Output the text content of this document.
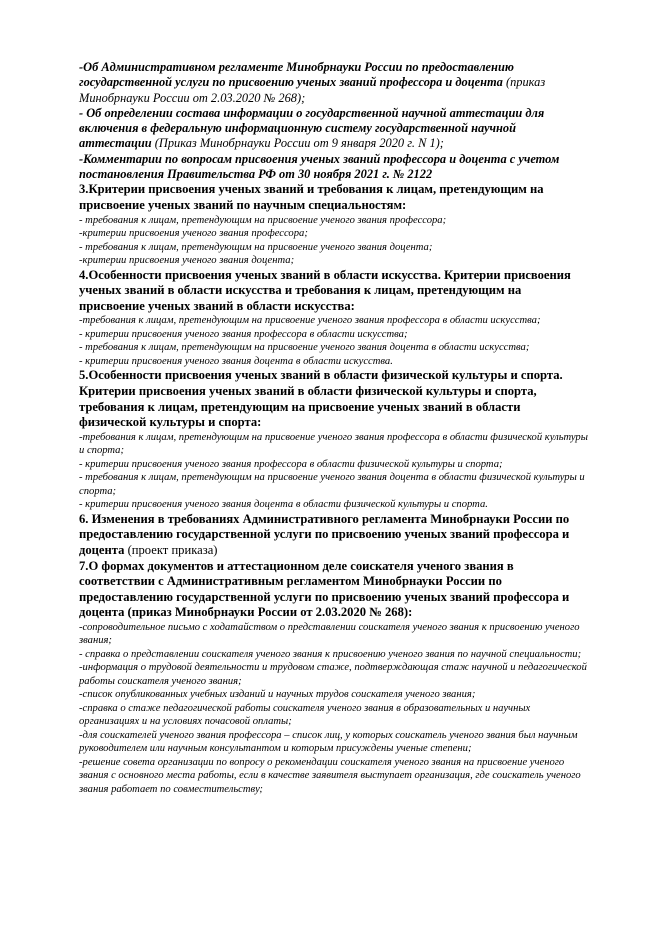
-Об Административном регламенте Минобрнауки России по предоставлению государственной услуги по присвоению ученых званий профессора и доцента (приказ Минобрнауки России от 2.03.2020 № 268);
- Об определении состава информации о государственной научной аттестации для включения в федеральную информационную систему государственной научной аттестации (Приказ Минобрнауки России от 9 января 2020 г. N 1);
-Комментарии по вопросам присвоения ученых званий профессора и доцента с учетом постановления Правительства РФ от 30 ноября 2021 г. № 2122
3.Критерии присвоения ученых званий и требования к лицам, претендующим на присвоение ученых званий по научным специальностям:
- требования к лицам, претендующим на присвоение ученого звания профессора;
-критерии присвоения ученого звания профессора;
- требования к лицам, претендующим на присвоение ученого звания доцента;
-критерии присвоения ученого звания доцента;
4.Особенности присвоения ученых званий в области искусства. Критерии присвоения ученых званий в области искусства и требования к лицам, претендующим на присвоение ученых званий в области искусства:
-требования к лицам, претендующим на присвоение ученого звания профессора в области искусства;
- критерии присвоения ученого звания профессора в области искусства;
- требования к лицам, претендующим на присвоение ученого звания доцента в области искусства;
- критерии присвоения ученого звания доцента в области искусства.
5.Особенности присвоения ученых званий в области физической культуры и спорта. Критерии присвоения ученых званий в области физической культуры и спорта, требования к лицам, претендующим на присвоение ученых званий в области физической культуры и спорта:
-требования к лицам, претендующим на присвоение ученого звания профессора в области физической культуры и спорта;
- критерии присвоения ученого звания профессора в области физической культуры и спорта;
- требования к лицам, претендующим на присвоение ученого звания доцента в области физической культуры и спорта;
- критерии присвоения ученого звания доцента в области физической культуры и спорта.
6. Изменения в требованиях Административного регламента Минобрнауки России по предоставлению государственной услуги по присвоению ученых званий профессора и доцента (проект приказа)
7.О формах документов и аттестационном деле соискателя ученого звания в соответствии с Административным регламентом Минобрнауки России по предоставлению государственной услуги по присвоению ученых званий профессора и доцента (приказ Минобрнауки России от 2.03.2020 № 268):
-сопроводительное письмо с ходатайством о представлении соискателя ученого звания к присвоению ученого звания;
- справка о представлении соискателя ученого звания к присвоению ученого звания по научной специальности;
-информация о трудовой деятельности и трудовом стаже, подтверждающая стаж научной и педагогической работы соискателя ученого звания;
-список опубликованных учебных изданий и научных трудов соискателя ученого звания;
-справка о стаже педагогической работы соискателя ученого звания в образовательных и научных организациях и на условиях почасовой оплаты;
-для соискателей ученого звания профессора – список лиц, у которых соискатель ученого звания был научным руководителем или научным консультантом и которым присуждены ученые степени;
-решение совета организации по вопросу о рекомендации соискателя ученого звания на присвоение ученого звания с основного места работы, если в качестве заявителя выступает организация, где соискатель ученого звания работает по совместительству;
